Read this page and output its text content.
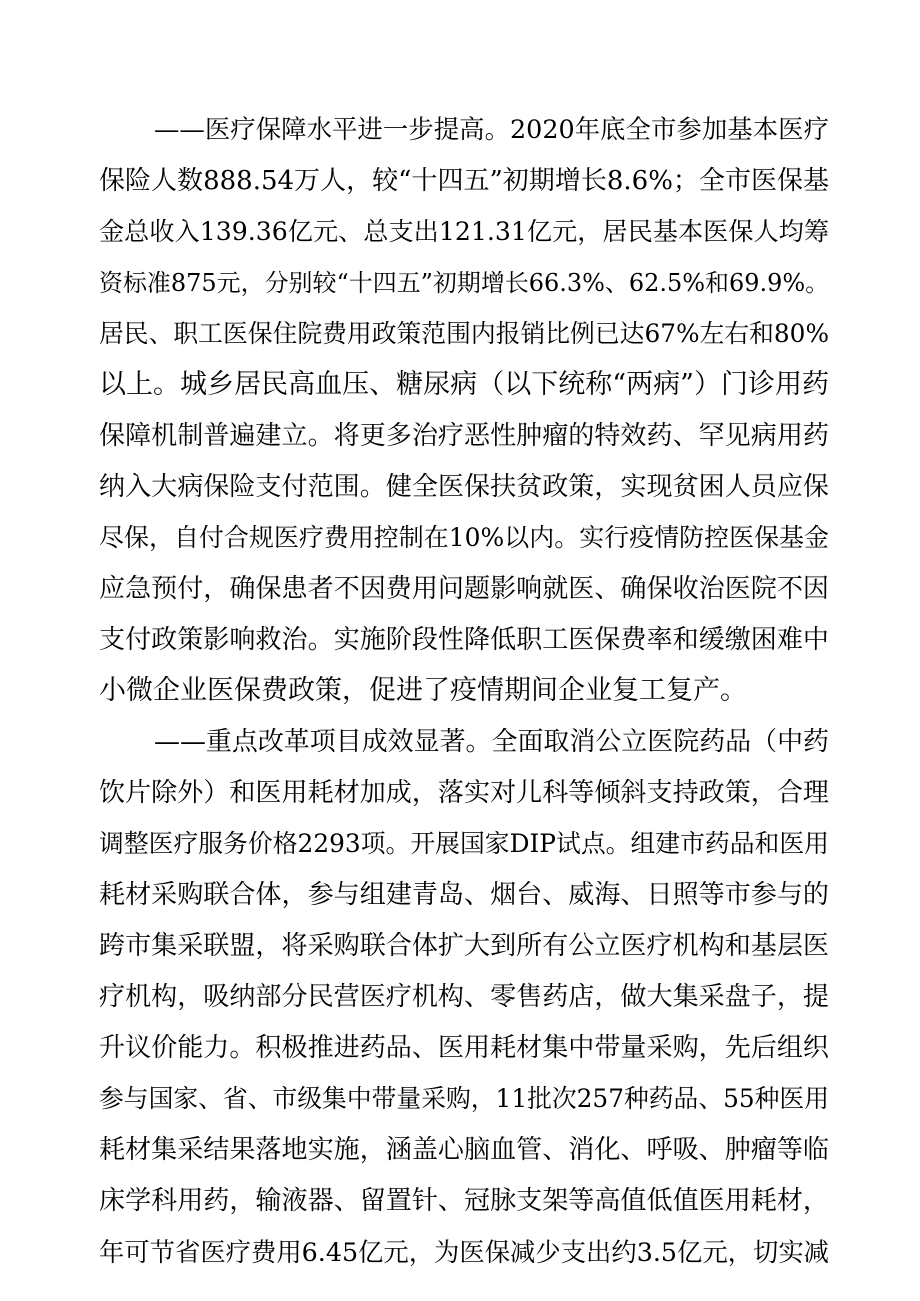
——医疗保障水平进一步提高。2020年底全市参加基本医疗
保险人数888.54万人，较“十四五”初期增长8.6%；全市医保基
金总收入139.36亿元、总支出121.31亿元，居民基本医保人均筹
资标准875元，分别较“十四五”初期增长66.3%、62.5%和69.9%。
居民、职工医保住院费用政策范围内报销比例已达67%左右和80%
以上。城乡居民高血压、糖尿病（以下统称“两病”）门诊用药
保障机制普遍建立。将更多治疗恶性肿瘤的特效药、罕见病用药
纳入大病保险支付范围。健全医保扶贫政策，实现贫困人员应保
尽保，自付合规医疗费用控制在10%以内。实行疫情防控医保基金
应急预付，确保患者不因费用问题影响就医、确保收治医院不因
支付政策影响救治。实施阶段性降低职工医保费率和缓缴困难中
小微企业医保费政策，促进了疫情期间企业复工复产。
——重点改革项目成效显著。全面取消公立医院药品（中药
饮片除外）和医用耗材加成，落实对儿科等倾斜支持政策，合理
调整医疗服务价格2293项。开展国家DIP试点。组建市药品和医用
耗材采购联合体，参与组建青岛、烟台、威海、日照等市参与的
跨市集采联盟，将采购联合体扩大到所有公立医疗机构和基层医
疗机构，吸纳部分民营医疗机构、零售药店，做大集采盘子，提
升议价能力。积极推进药品、医用耗材集中带量采购，先后组织
参与国家、省、市级集中带量采购，11批次257种药品、55种医用
耗材集采结果落地实施，涵盖心脑血管、消化、呼吸、肿瘤等临
床学科用药，输液器、留置针、冠脉支架等高值低值医用耗材，
年可节省医疗费用6.45亿元，为医保减少支出约3.5亿元，切实减
